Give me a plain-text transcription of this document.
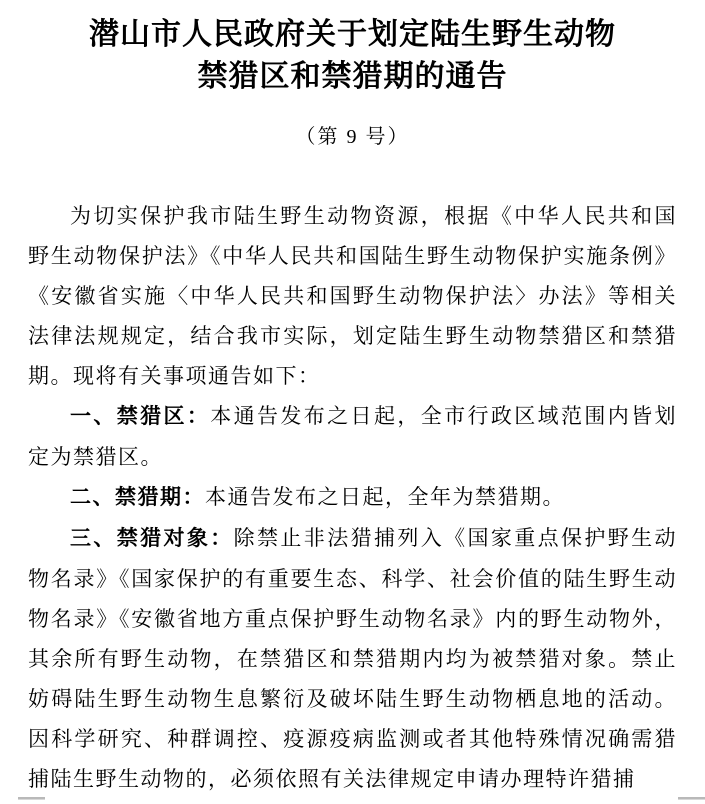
潜山市人民政府关于划定陆生野生动物
禁猎区和禁猎期的通告
（第 9 号）

为切实保护我市陆生野生动物资源，根据《中华人民共和国野生动物保护法》《中华人民共和国陆生野生动物保护实施条例》《安徽省实施〈中华人民共和国野生动物保护法〉办法》等相关法律法规规定，结合我市实际，划定陆生野生动物禁猎区和禁猎期。现将有关事项通告如下：

一、禁猎区：本通告发布之日起，全市行政区域范围内皆划定为禁猎区。

二、禁猎期：本通告发布之日起，全年为禁猎期。

三、禁猎对象：除禁止非法猎捕列入《国家重点保护野生动物名录》《国家保护的有重要生态、科学、社会价值的陆生野生动物名录》《安徽省地方重点保护野生动物名录》内的野生动物外，其余所有野生动物，在禁猎区和禁猎期内均为被禁猎对象。禁止妨碍陆生野生动物生息繁衍及破坏陆生野生动物栖息地的活动。因科学研究、种群调控、疫源疫病监测或者其他特殊情况确需猎捕陆生野生动物的，必须依照有关法律规定申请办理特许猎捕
